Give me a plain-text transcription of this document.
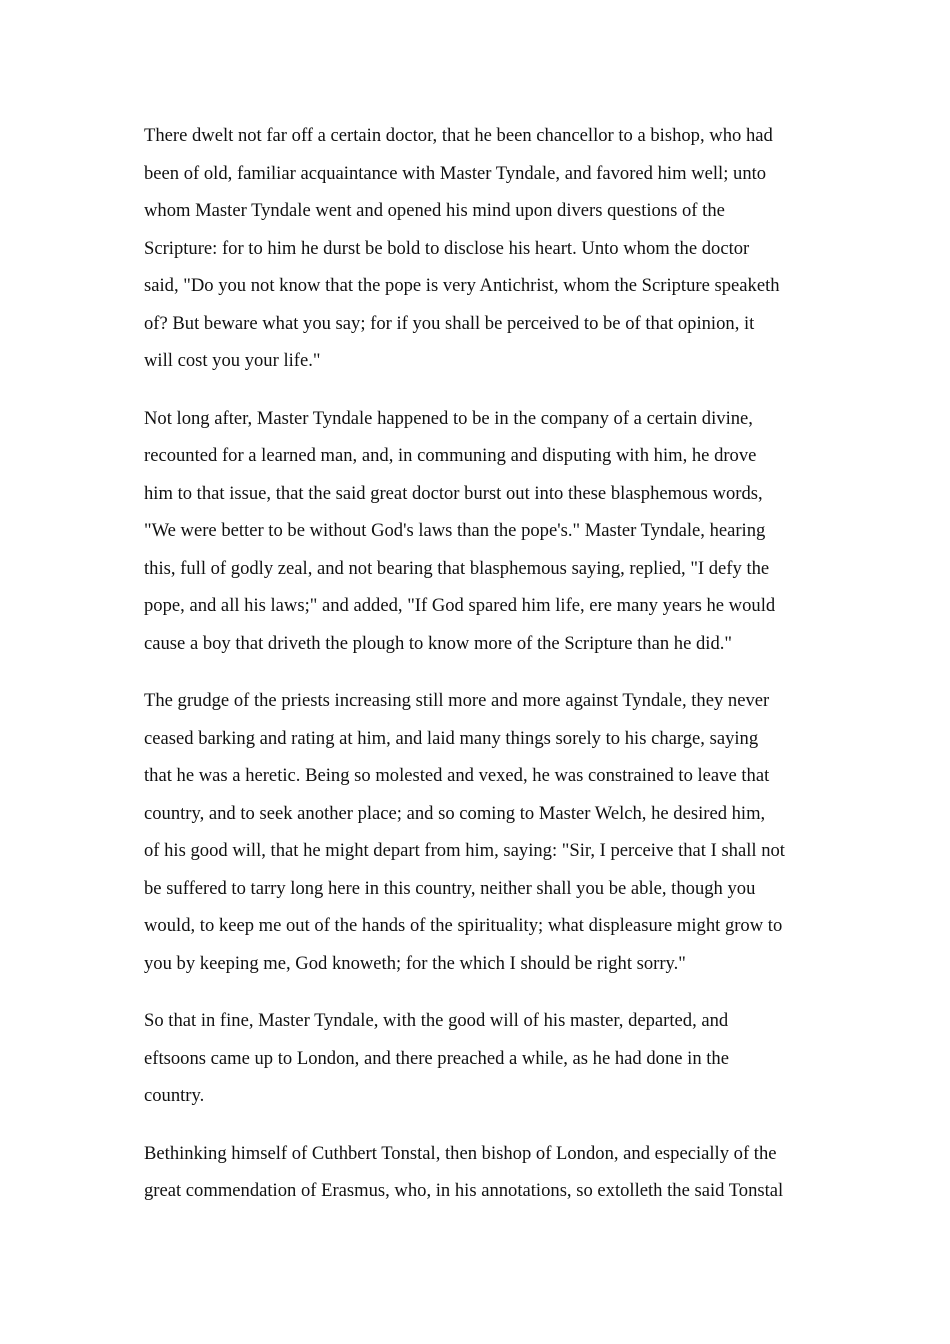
There dwelt not far off a certain doctor, that he been chancellor to a bishop, who had
been of old, familiar acquaintance with Master Tyndale, and favored him well; unto
whom Master Tyndale went and opened his mind upon divers questions of the
Scripture: for to him he durst be bold to disclose his heart. Unto whom the doctor
said, "Do you not know that the pope is very Antichrist, whom the Scripture speaketh
of? But beware what you say; for if you shall be perceived to be of that opinion, it
will cost you your life."

Not long after, Master Tyndale happened to be in the company of a certain divine,
recounted for a learned man, and, in communing and disputing with him, he drove
him to that issue, that the said great doctor burst out into these blasphemous words,
"We were better to be without God's laws than the pope's." Master Tyndale, hearing
this, full of godly zeal, and not bearing that blasphemous saying, replied, "I defy the
pope, and all his laws;" and added, "If God spared him life, ere many years he would
cause a boy that driveth the plough to know more of the Scripture than he did."

The grudge of the priests increasing still more and more against Tyndale, they never
ceased barking and rating at him, and laid many things sorely to his charge, saying
that he was a heretic. Being so molested and vexed, he was constrained to leave that
country, and to seek another place; and so coming to Master Welch, he desired him,
of his good will, that he might depart from him, saying: "Sir, I perceive that I shall not
be suffered to tarry long here in this country, neither shall you be able, though you
would, to keep me out of the hands of the spirituality; what displeasure might grow to
you by keeping me, God knoweth; for the which I should be right sorry."

So that in fine, Master Tyndale, with the good will of his master, departed, and
eftsoons came up to London, and there preached a while, as he had done in the
country.

Bethinking himself of Cuthbert Tonstal, then bishop of London, and especially of the
great commendation of Erasmus, who, in his annotations, so extolleth the said Tonstal
